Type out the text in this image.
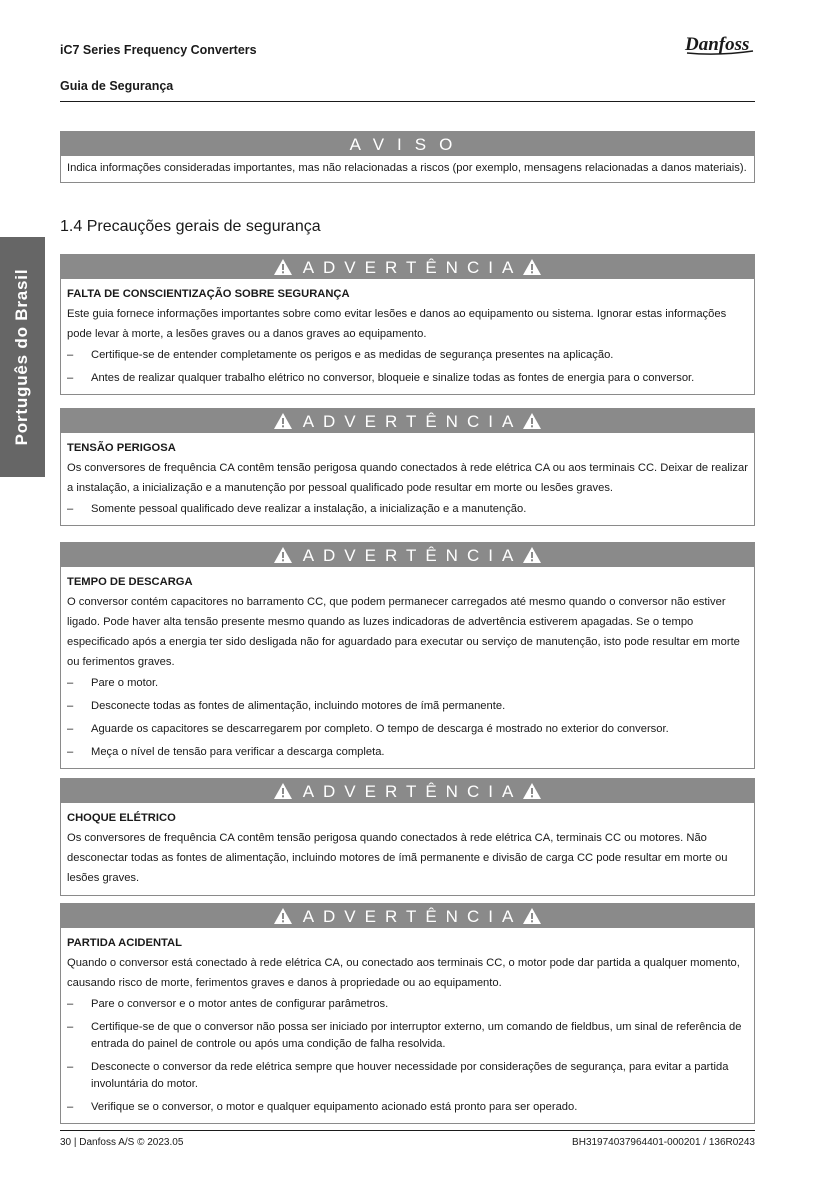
iC7 Series Frequency Converters
Guia de Segurança
Danfoss
Português do Brasil
AVISO
Indica informações consideradas importantes, mas não relacionadas a riscos (por exemplo, mensagens relacionadas a danos materiais).
1.4 Precauções gerais de segurança
ADVERTÊNCIA
FALTA DE CONSCIENTIZAÇÃO SOBRE SEGURANÇA
Este guia fornece informações importantes sobre como evitar lesões e danos ao equipamento ou sistema. Ignorar estas informações pode levar à morte, a lesões graves ou a danos graves ao equipamento.
– Certifique-se de entender completamente os perigos e as medidas de segurança presentes na aplicação.
– Antes de realizar qualquer trabalho elétrico no conversor, bloqueie e sinalize todas as fontes de energia para o conversor.
ADVERTÊNCIA
TENSÃO PERIGOSA
Os conversores de frequência CA contêm tensão perigosa quando conectados à rede elétrica CA ou aos terminais CC. Deixar de realizar a instalação, a inicialização e a manutenção por pessoal qualificado pode resultar em morte ou lesões graves.
– Somente pessoal qualificado deve realizar a instalação, a inicialização e a manutenção.
ADVERTÊNCIA
TEMPO DE DESCARGA
O conversor contém capacitores no barramento CC, que podem permanecer carregados até mesmo quando o conversor não estiver ligado. Pode haver alta tensão presente mesmo quando as luzes indicadoras de advertência estiverem apagadas. Se o tempo especificado após a energia ter sido desligada não for aguardado para executar ou serviço de manutenção, isto pode resultar em morte ou ferimentos graves.
– Pare o motor.
– Desconecte todas as fontes de alimentação, incluindo motores de ímã permanente.
– Aguarde os capacitores se descarregarem por completo. O tempo de descarga é mostrado no exterior do conversor.
– Meça o nível de tensão para verificar a descarga completa.
ADVERTÊNCIA
CHOQUE ELÉTRICO
Os conversores de frequência CA contêm tensão perigosa quando conectados à rede elétrica CA, terminais CC ou motores. Não desconectar todas as fontes de alimentação, incluindo motores de ímã permanente e divisão de carga CC pode resultar em morte ou lesões graves.
ADVERTÊNCIA
PARTIDA ACIDENTAL
Quando o conversor está conectado à rede elétrica CA, ou conectado aos terminais CC, o motor pode dar partida a qualquer momento, causando risco de morte, ferimentos graves e danos à propriedade ou ao equipamento.
– Pare o conversor e o motor antes de configurar parâmetros.
– Certifique-se de que o conversor não possa ser iniciado por interruptor externo, um comando de fieldbus, um sinal de referência de entrada do painel de controle ou após uma condição de falha resolvida.
– Desconecte o conversor da rede elétrica sempre que houver necessidade por considerações de segurança, para evitar a partida involuntária do motor.
– Verifique se o conversor, o motor e qualquer equipamento acionado está pronto para ser operado.
30 | Danfoss A/S © 2023.05	BH319740379644​01-000201 / 136R0243
